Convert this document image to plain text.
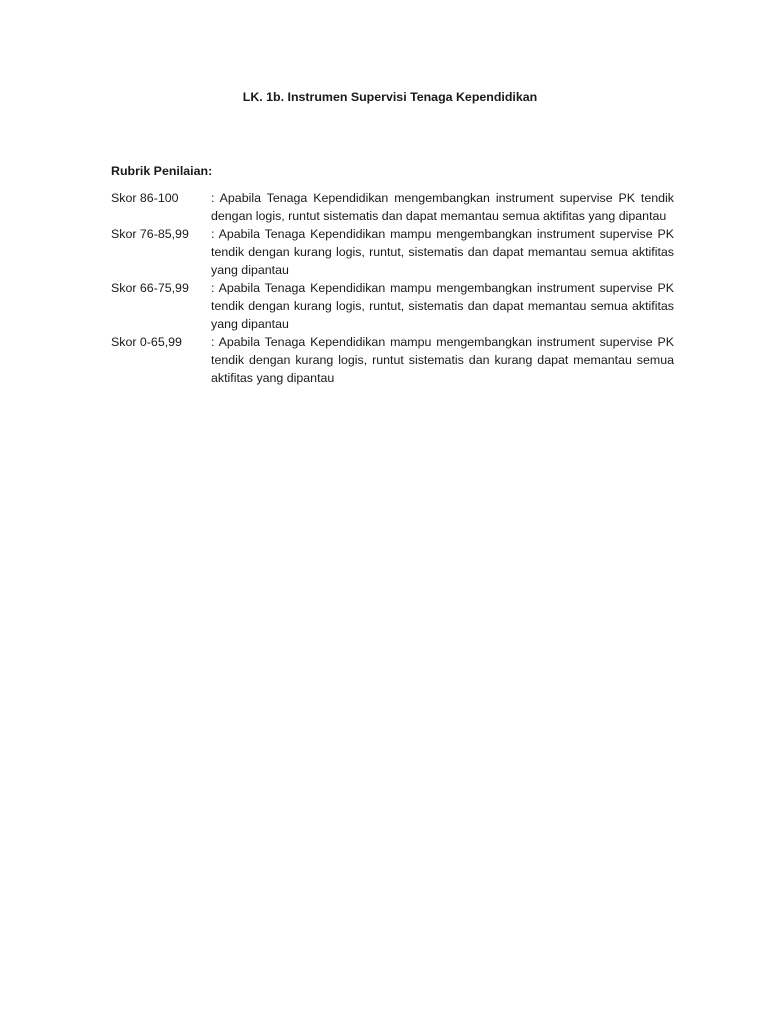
LK. 1b. Instrumen Supervisi Tenaga Kependidikan
Rubrik Penilaian:
Skor 86-100	: Apabila Tenaga Kependidikan mengembangkan instrument supervise PK tendik dengan logis, runtut sistematis dan dapat memantau semua aktifitas yang dipantau
Skor 76-85,99	: Apabila Tenaga Kependidikan mampu mengembangkan instrument supervise PK tendik dengan kurang logis, runtut, sistematis dan dapat memantau semua aktifitas yang dipantau
Skor 66-75,99	: Apabila Tenaga Kependidikan mampu mengembangkan instrument supervise PK tendik dengan kurang logis, runtut, sistematis dan dapat memantau semua aktifitas yang dipantau
Skor 0-65,99	: Apabila Tenaga Kependidikan mampu mengembangkan instrument supervise PK tendik dengan kurang logis, runtut sistematis dan kurang dapat memantau semua aktifitas yang dipantau
